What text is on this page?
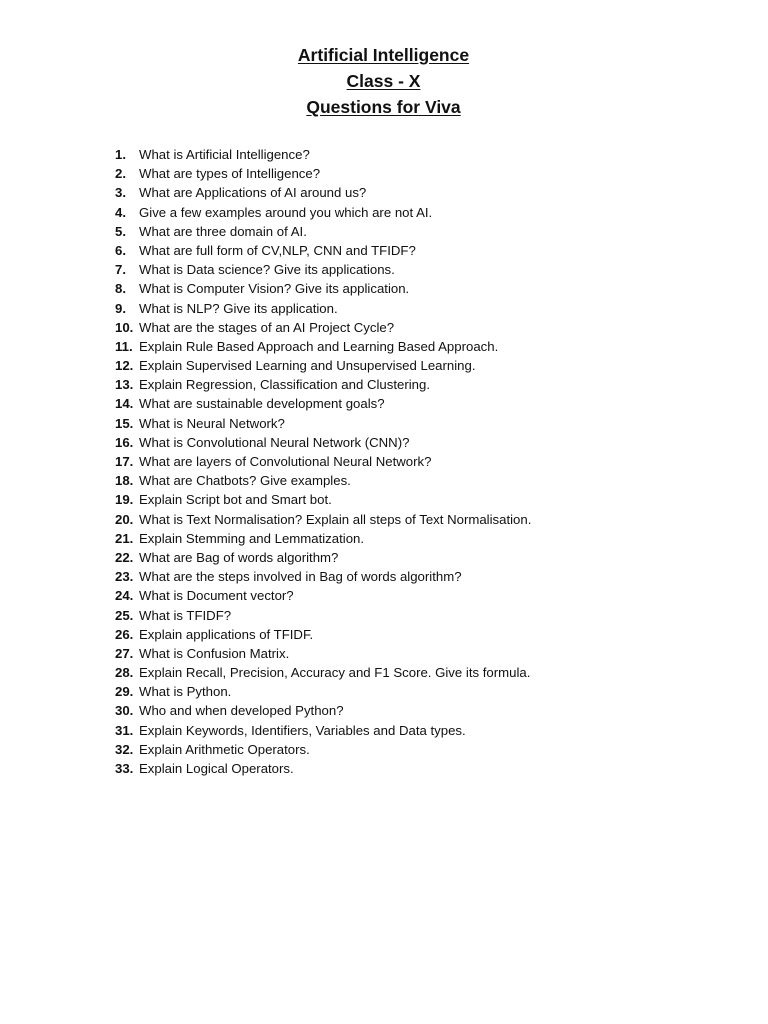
Artificial Intelligence
Class - X
Questions for Viva
1. What is Artificial Intelligence?
2. What are types of Intelligence?
3. What are Applications of AI around us?
4. Give a few examples around you which are not AI.
5. What are three domain of AI.
6. What are full form of CV,NLP, CNN and TFIDF?
7. What is Data science? Give its applications.
8. What is Computer Vision? Give its application.
9. What is NLP? Give its application.
10. What are the stages of an AI Project Cycle?
11. Explain Rule Based Approach and Learning Based Approach.
12. Explain Supervised Learning and Unsupervised Learning.
13. Explain Regression, Classification and Clustering.
14. What are sustainable development goals?
15. What is Neural Network?
16. What is Convolutional Neural Network (CNN)?
17. What are layers of Convolutional Neural Network?
18. What are Chatbots? Give examples.
19. Explain Script bot and Smart bot.
20. What is Text Normalisation? Explain all steps of Text Normalisation.
21. Explain Stemming and Lemmatization.
22. What are Bag of words algorithm?
23. What are the steps involved in Bag of words algorithm?
24. What is Document vector?
25. What is TFIDF?
26. Explain applications of TFIDF.
27. What is Confusion Matrix.
28. Explain Recall, Precision, Accuracy and F1 Score. Give its formula.
29. What is Python.
30. Who and when developed Python?
31. Explain Keywords, Identifiers, Variables and Data types.
32. Explain Arithmetic Operators.
33. Explain Logical Operators.
